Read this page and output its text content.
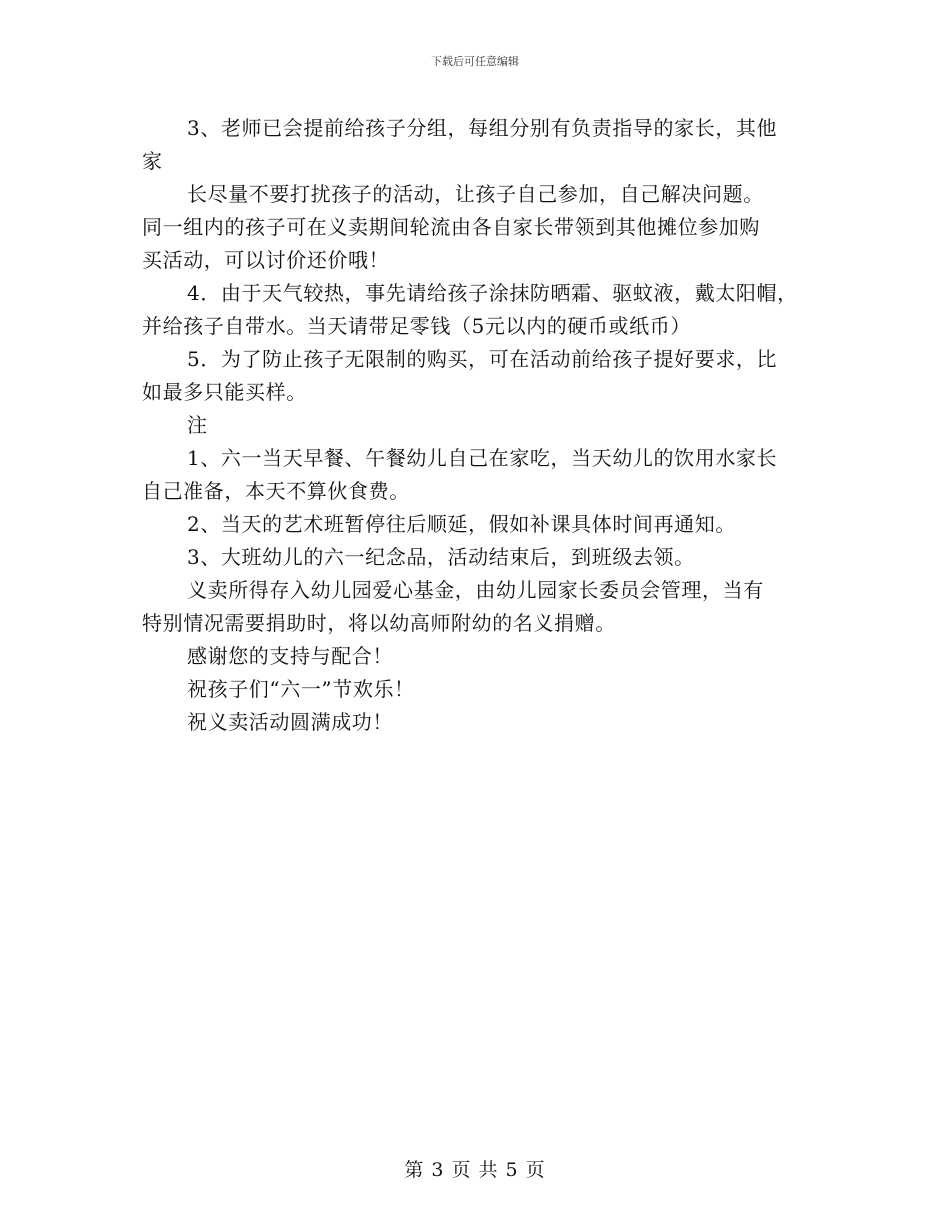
下载后可任意编辑
3、老师已会提前给孩子分组，每组分别有负责指导的家长，其他
家
长尽量不要打扰孩子的活动，让孩子自己参加，自己解决问题。
同一组内的孩子可在义卖期间轮流由各自家长带领到其他摊位参加购
买活动，可以讨价还价哦！
4．由于天气较热，事先请给孩子涂抹防晒霜、驱蚊液，戴太阳帽，
并给孩子自带水。当天请带足零钱（5元以内的硬币或纸币）
5．为了防止孩子无限制的购买，可在活动前给孩子提好要求，比
如最多只能买样。
注
1、六一当天早餐、午餐幼儿自己在家吃，当天幼儿的饮用水家长
自己准备，本天不算伙食费。
2、当天的艺术班暂停往后顺延，假如补课具体时间再通知。
3、大班幼儿的六一纪念品，活动结束后，到班级去领。
义卖所得存入幼儿园爱心基金，由幼儿园家长委员会管理，当有
特别情况需要捐助时，将以幼高师附幼的名义捐赠。
感谢您的支持与配合！
祝孩子们“六一”节欢乐！
祝义卖活动圆满成功！
第 3 页 共 5 页
